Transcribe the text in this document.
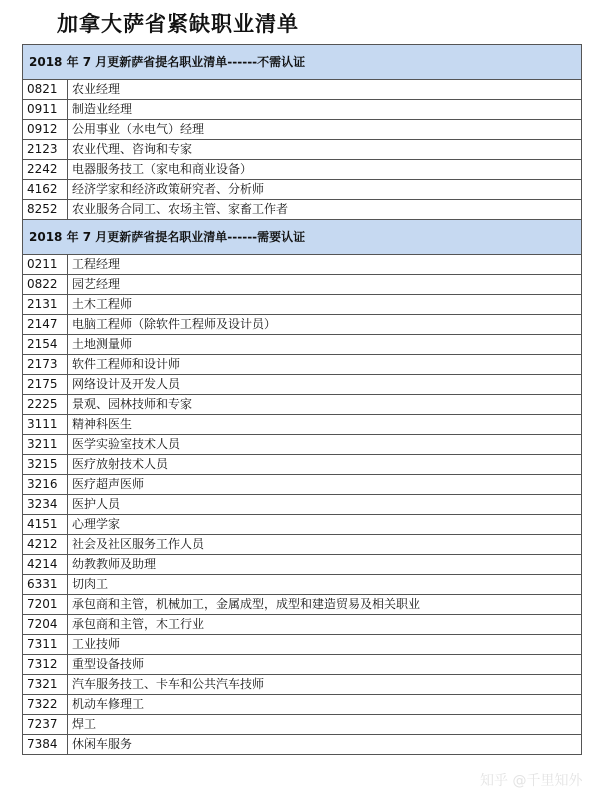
加拿大萨省紧缺职业清单
2018 年 7 月更新萨省提名职业清单------不需认证	
0821	农业经理
0911	制造业经理
0912	公用事业（水电气）经理
2123	农业代理、咨询和专家
2242	电器服务技工（家电和商业设备）
4162	经济学家和经济政策研究者、分析师
8252	农业服务合同工、农场主管、家畜工作者
2018 年 7 月更新萨省提名职业清单------需要认证	
0211	工程经理
0822	园艺经理
2131	土木工程师
2147	电脑工程师（除软件工程师及设计员）
2154	土地测量师
2173	软件工程师和设计师
2175	网络设计及开发人员
2225	景观、园林技师和专家
3111	精神科医生
3211	医学实验室技术人员
3215	医疗放射技术人员
3216	医疗超声医师
3234	医护人员
4151	心理学家
4212	社会及社区服务工作人员
4214	幼教教师及助理
6331	切肉工
7201	承包商和主管，机械加工，金属成型，成型和建造贸易及相关职业
7204	承包商和主管，木工行业
7311	工业技师
7312	重型设备技师
7321	汽车服务技工、卡车和公共汽车技师
7322	机动车修理工
7237	焊工
7384	休闲车服务
知乎 @千里知外
